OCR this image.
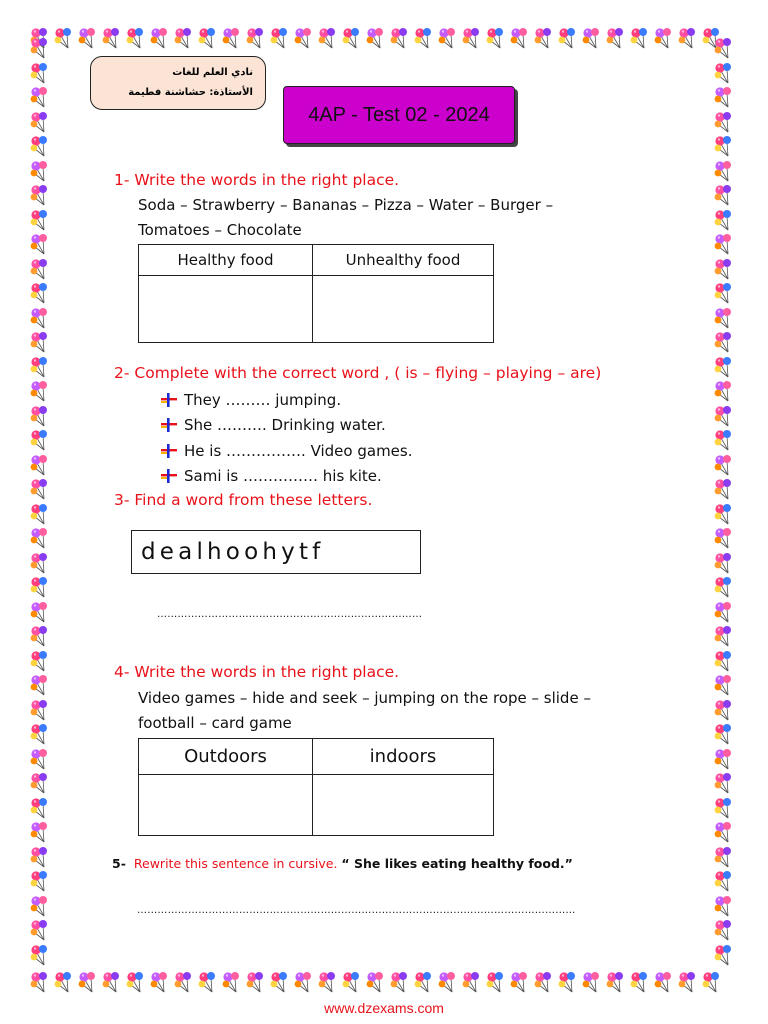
نادي العلم للغات
الأستاذة: حشاشنة فطيمة
4AP - Test 02 - 2024
1- Write the words in the right place.
Soda – Strawberry – Bananas – Pizza – Water – Burger –
Tomatoes – Chocolate
Healthy food	Unhealthy food

2- Complete with the correct word , ( is – flying – playing – are)
They ……… jumping.
She ………. Drinking water.
He is ……………. Video games.
Sami is …………… his kite.
3- Find a word from these letters.
dealhoohytf
……………………………………………………………………
4- Write the words in the right place.
Video games – hide and seek – jumping on the rope – slide –
football – card game
Outdoors	indoors

5- Rewrite this sentence in cursive. “ She likes eating healthy food.”
…………………………………………………………………………………………………………………
www.dzexams.com
